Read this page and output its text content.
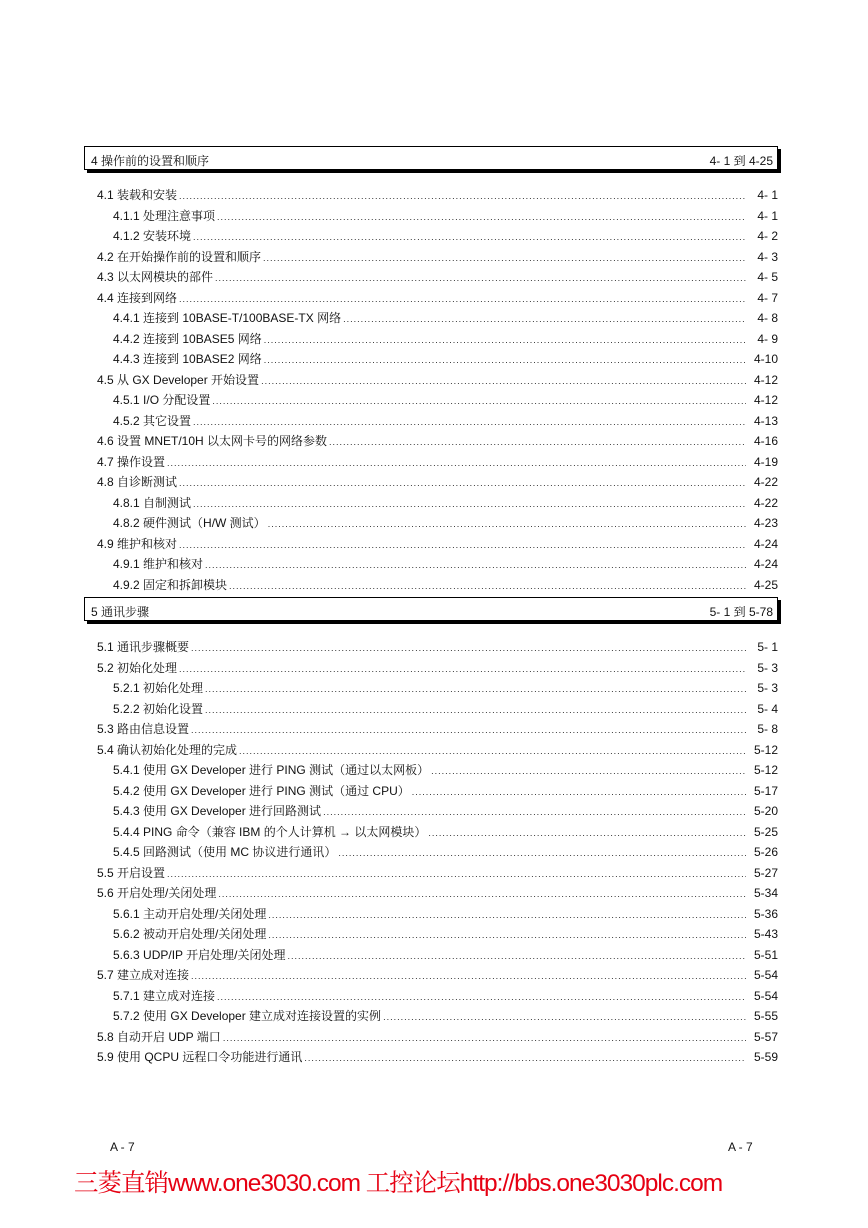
4 操作前的设置和顺序	4- 1 到 4-25
4.1 装载和安装 .....	4- 1
4.1.1 处理注意事项 .....	4- 1
4.1.2 安装环境 .....	4- 2
4.2 在开始操作前的设置和顺序 .....	4- 3
4.3 以太网模块的部件 .....	4- 5
4.4 连接到网络 .....	4- 7
4.4.1 连接到 10BASE-T/100BASE-TX 网络 .....	4- 8
4.4.2 连接到 10BASE5 网络 .....	4- 9
4.4.3 连接到 10BASE2 网络 .....	4-10
4.5 从 GX Developer 开始设置 .....	4-12
4.5.1 I/O 分配设置 .....	4-12
4.5.2 其它设置 .....	4-13
4.6 设置 MNET/10H 以太网卡号的网络参数 .....	4-16
4.7 操作设置 .....	4-19
4.8 自诊断测试 .....	4-22
4.8.1 自制测试 .....	4-22
4.8.2 硬件测试（H/W 测试） .....	4-23
4.9 维护和核对 .....	4-24
4.9.1 维护和核对 .....	4-24
4.9.2 固定和拆卸模块 .....	4-25
5 通讯步骤	5- 1 到 5-78
5.1 通讯步骤概要 .....	5- 1
5.2 初始化处理 .....	5- 3
5.2.1 初始化处理 .....	5- 3
5.2.2 初始化设置 .....	5- 4
5.3 路由信息设置 .....	5- 8
5.4 确认初始化处理的完成 .....	5-12
5.4.1 使用 GX Developer 进行 PING 测试（通过以太网板） .....	5-12
5.4.2 使用 GX Developer 进行 PING 测试（通过 CPU） .....	5-17
5.4.3 使用 GX Developer 进行回路测试 .....	5-20
5.4.4 PING 命令（兼容 IBM 的个人计算机 → 以太网模块） .....	5-25
5.4.5 回路测试（使用 MC 协议进行通讯） .....	5-26
5.5 开启设置 .....	5-27
5.6 开启处理/关闭处理 .....	5-34
5.6.1 主动开启处理/关闭处理 .....	5-36
5.6.2 被动开启处理/关闭处理 .....	5-43
5.6.3 UDP/IP 开启处理/关闭处理 .....	5-51
5.7 建立成对连接 .....	5-54
5.7.1 建立成对连接 .....	5-54
5.7.2 使用 GX Developer 建立成对连接设置的实例 .....	5-55
5.8 自动开启 UDP 端口 .....	5-57
5.9 使用 QCPU 远程口令功能进行通讯 .....	5-59
A - 7	A - 7
三菱直销www.one3030.com 工控论坛http://bbs.one3030plc.com
